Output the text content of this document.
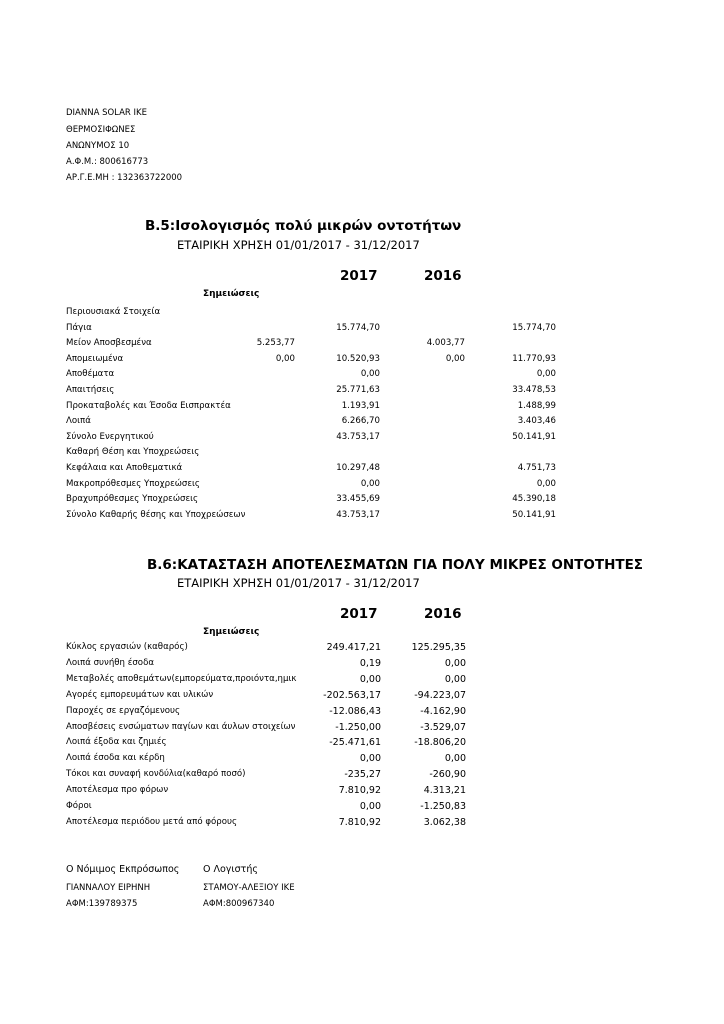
DIANNA SOLAR IKE
ΘΕΡΜΟΣΙΦΩΝΕΣ
ΑΝΩΝΥΜΟΣ 10
Α.Φ.Μ.: 800616773
ΑΡ.Γ.Ε.ΜΗ : 132363722000
Β.5:Ισολογισμός πολύ μικρών οντοτήτων
ΕΤΑΙΡΙΚΗ ΧΡΗΣΗ 01/01/2017 - 31/12/2017
2017	2016
Σημειώσεις
Περιουσιακά Στοιχεία
Πάγια	15.774,70	15.774,70
Μείον Αποσβεσμένα	5.253,77	4.003,77
Απομειωμένα	0,00	10.520,93	0,00	11.770,93
Αποθέματα	0,00	0,00
Απαιτήσεις	25.771,63	33.478,53
Προκαταβολές και Έσοδα Εισπρακτέα	1.193,91	1.488,99
Λοιπά	6.266,70	3.403,46
Σύνολο Ενεργητικού	43.753,17	50.141,91
Καθαρή Θέση και Υποχρεώσεις
Κεφάλαια και Αποθεματικά	10.297,48	4.751,73
Μακροπρόθεσμες Υποχρεώσεις	0,00	0,00
Βραχυπρόθεσμες Υποχρεώσεις	33.455,69	45.390,18
Σύνολο Καθαρής θέσης και Υποχρεώσεων	43.753,17	50.141,91
Β.6:ΚΑΤΑΣΤΑΣΗ ΑΠΟΤΕΛΕΣΜΑΤΩΝ ΓΙΑ ΠΟΛΥ ΜΙΚΡΕΣ ΟΝΤΟΤΗΤΕΣ
ΕΤΑΙΡΙΚΗ ΧΡΗΣΗ 01/01/2017 - 31/12/2017
2017	2016
Σημειώσεις
Κύκλος εργασιών (καθαρός)	249.417,21	125.295,35
Λοιπά συνήθη έσοδα	0,19	0,00
Μεταβολές αποθεμάτων(εμπορεύματα,προιόντα,ημικ	0,00	0,00
Αγορές εμπορευμάτων και υλικών	-202.563,17	-94.223,07
Παροχές σε εργαζόμενους	-12.086,43	-4.162,90
Αποσβέσεις ενσώματων παγίων και άυλων στοιχείων	-1.250,00	-3.529,07
Λοιπά έξοδα και ζημιές	-25.471,61	-18.806,20
Λοιπά έσοδα και κέρδη	0,00	0,00
Τόκοι και συναφή κονδύλια(καθαρό ποσό)	-235,27	-260,90
Αποτέλεσμα προ φόρων	7.810,92	4.313,21
Φόροι	0,00	-1.250,83
Αποτέλεσμα περιόδου μετά από φόρους	7.810,92	3.062,38
Ο Νόμιμος Εκπρόσωπος
ΓΙΑΝΝΑΛΟΥ ΕΙΡΗΝΗ
ΑΦΜ:139789375
Ο Λογιστής
ΣΤΑΜΟΥ-ΑΛΕΞΙΟΥ ΙΚΕ
ΑΦΜ:800967340
